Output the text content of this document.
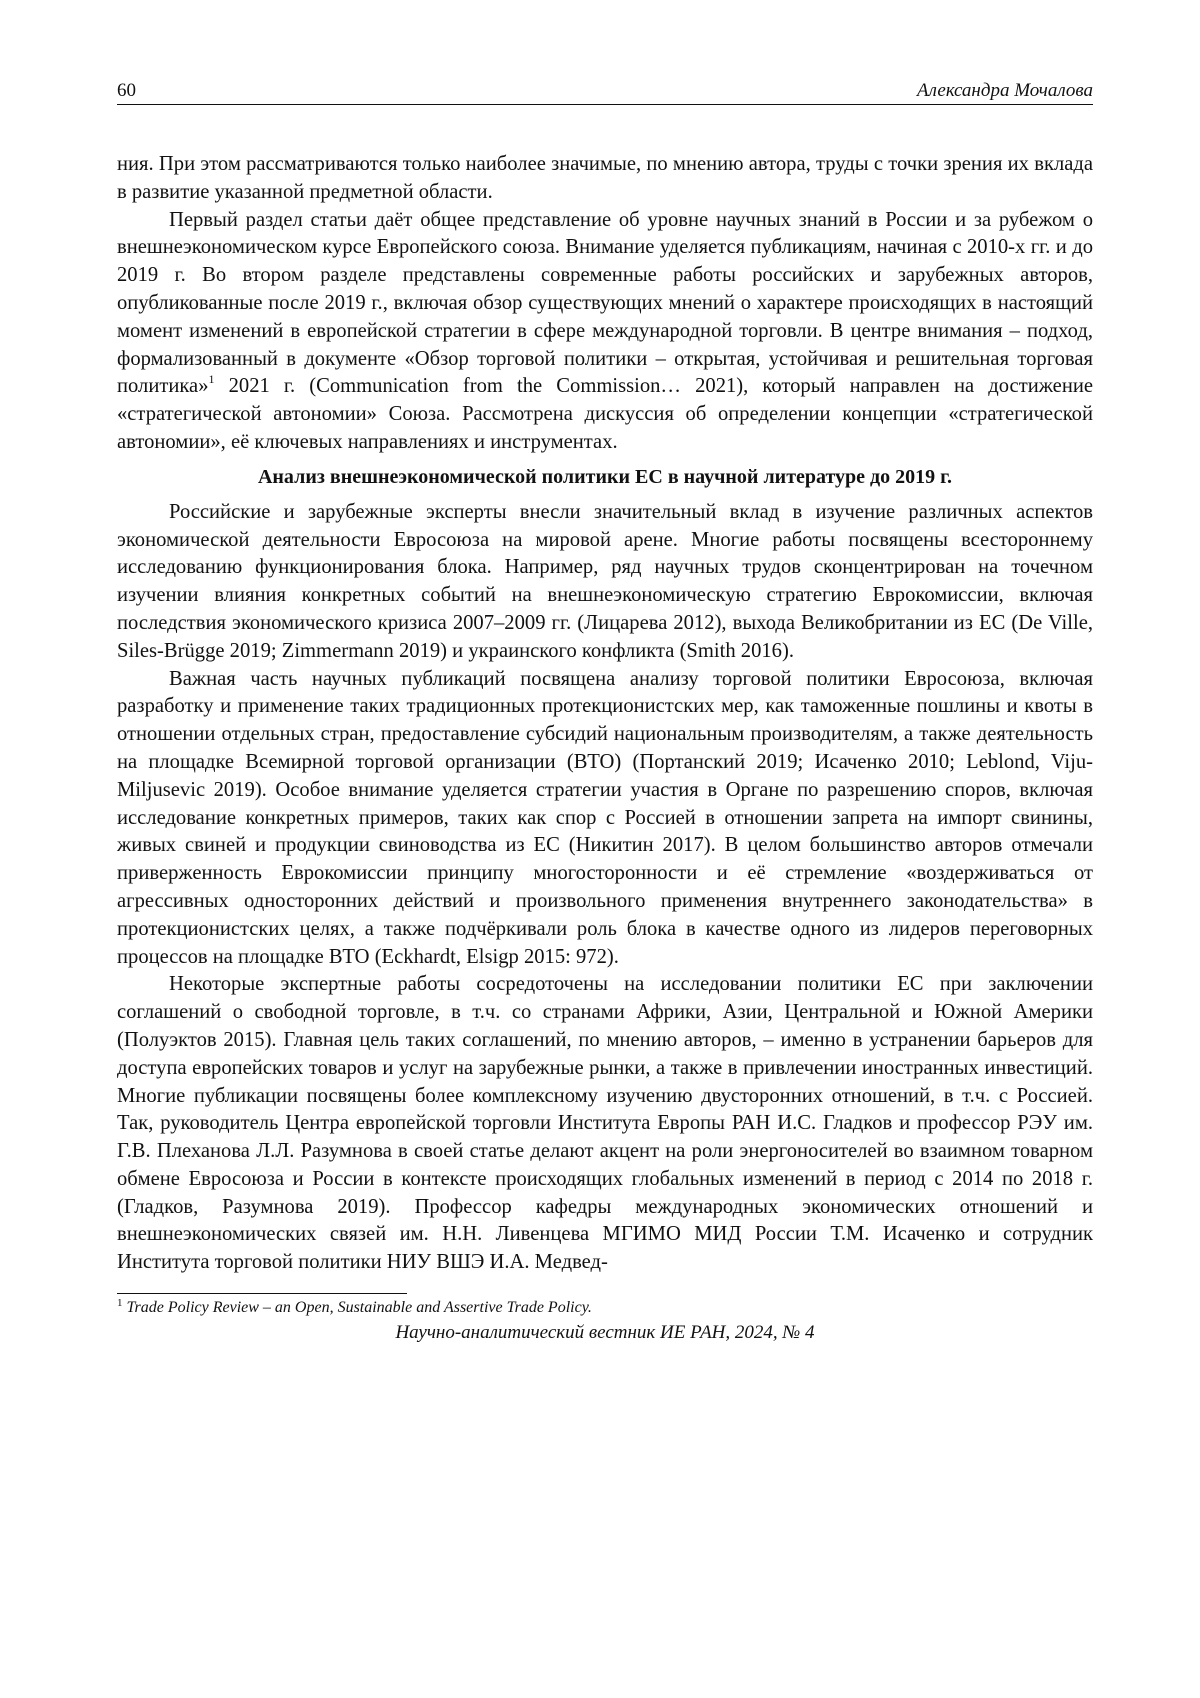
60	Александра Мочалова

ния. При этом рассматриваются только наиболее значимые, по мнению автора, труды с точки зрения их вклада в развитие указанной предметной области.

Первый раздел статьи даёт общее представление об уровне научных знаний в России и за рубежом о внешнеэкономическом курсе Европейского союза. Внимание уделяется публикациям, начиная с 2010-х гг. и до 2019 г. Во втором разделе представлены современные работы российских и зарубежных авторов, опубликованные после 2019 г., включая обзор существующих мнений о характере происходящих в настоящий момент изменений в европейской стратегии в сфере международной торговли. В центре внимания – подход, формализованный в документе «Обзор торговой политики – открытая, устойчивая и решительная торговая политика»$^1$ 2021 г. (Communication from the Commission… 2021), который направлен на достижение «стратегической автономии» Союза. Рассмотрена дискуссия об определении концепции «стратегической автономии», её ключевых направлениях и инструментах.

Анализ внешнеэкономической политики ЕС в научной литературе до 2019 г.

Российские и зарубежные эксперты внесли значительный вклад в изучение различных аспектов экономической деятельности Евросоюза на мировой арене. Многие работы посвящены всестороннему исследованию функционирования блока. Например, ряд научных трудов сконцентрирован на точечном изучении влияния конкретных событий на внешнеэкономическую стратегию Еврокомиссии, включая последствия экономического кризиса 2007–2009 гг. (Лицарева 2012), выхода Великобритании из ЕС (De Ville, Siles-Brügge 2019; Zimmermann 2019) и украинского конфликта (Smith 2016).

Важная часть научных публикаций посвящена анализу торговой политики Евросоюза, включая разработку и применение таких традиционных протекционистских мер, как таможенные пошлины и квоты в отношении отдельных стран, предоставление субсидий национальным производителям, а также деятельность на площадке Всемирной торговой организации (ВТО) (Портанский 2019; Исаченко 2010; Leblond, Viju-Miljusevic 2019). Особое внимание уделяется стратегии участия в Органе по разрешению споров, включая исследование конкретных примеров, таких как спор с Россией в отношении запрета на импорт свинины, живых свиней и продукции свиноводства из ЕС (Никитин 2017). В целом большинство авторов отмечали приверженность Еврокомиссии принципу многосторонности и её стремление «воздерживаться от агрессивных односторонних действий и произвольного применения внутреннего законодательства» в протекционистских целях, а также подчёркивали роль блока в качестве одного из лидеров переговорных процессов на площадке ВТО (Eckhardt, Elsigp 2015: 972).

Некоторые экспертные работы сосредоточены на исследовании политики ЕС при заключении соглашений о свободной торговле, в т.ч. со странами Африки, Азии, Центральной и Южной Америки (Полуэктов 2015). Главная цель таких соглашений, по мнению авторов, – именно в устранении барьеров для доступа европейских товаров и услуг на зарубежные рынки, а также в привлечении иностранных инвестиций. Многие публикации посвящены более комплексному изучению двусторонних отношений, в т.ч. с Россией. Так, руководитель Центра европейской торговли Института Европы РАН И.С. Гладков и профессор РЭУ им. Г.В. Плеханова Л.Л. Разумнова в своей статье делают акцент на роли энергоносителей во взаимном товарном обмене Евросоюза и России в контексте происходящих глобальных изменений в период с 2014 по 2018 г. (Гладков, Разумнова 2019). Профессор кафедры международных экономических отношений и внешнеэкономических связей им. Н.Н. Ливенцева МГИМО МИД России Т.М. Исаченко и сотрудник Института торговой политики НИУ ВШЭ И.А. Медвед-

$^1$ Trade Policy Review – an Open, Sustainable and Assertive Trade Policy.
Научно-аналитический вестник ИЕ РАН, 2024, № 4
